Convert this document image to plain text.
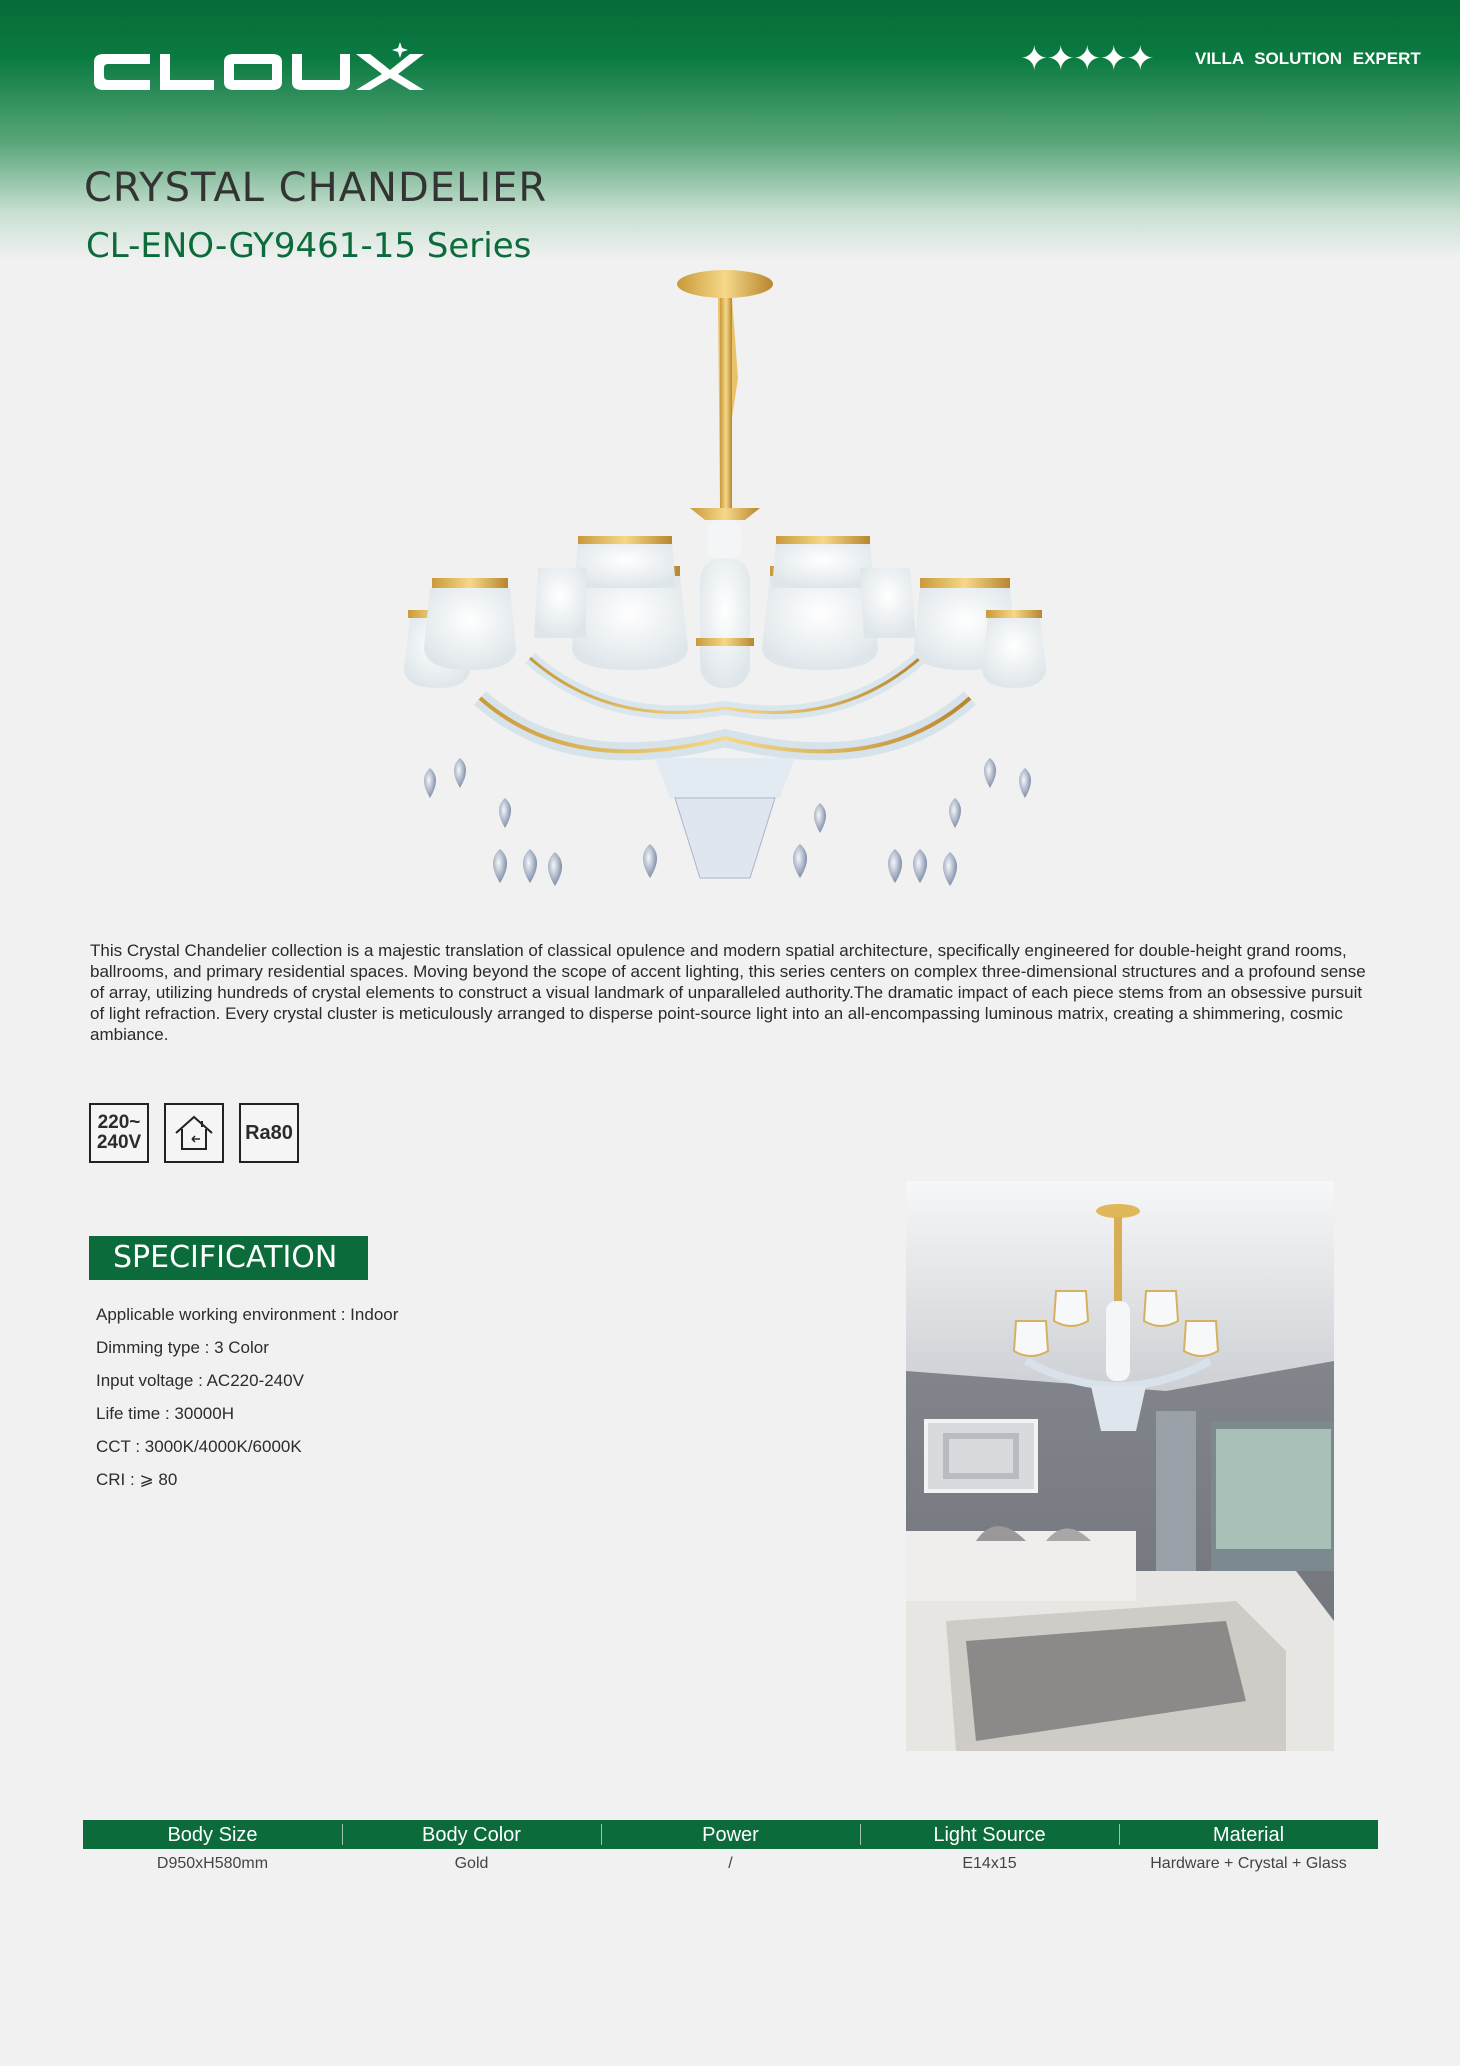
✦✦✦✦✦	VILLA SOLUTION EXPERT
CRYSTAL CHANDELIER
CL-ENO-GY9461-15 Series

This Crystal Chandelier collection is a majestic translation of classical opulence and modern spatial architecture, specifically engineered for double-height grand rooms, ballrooms, and primary residential spaces. Moving beyond the scope of accent lighting, this series centers on complex three-dimensional structures and a profound sense of array, utilizing hundreds of crystal elements to construct a visual landmark of unparalleled authority.The dramatic impact of each piece stems from an obsessive pursuit of light refraction. Every crystal cluster is meticulously arranged to disperse point-source light into an all-encompassing luminous matrix, creating a shimmering, cosmic ambiance.

220~
240V	Ra80
SPECIFICATION
Applicable working environment : Indoor
Dimming type : 3 Color
Input voltage : AC220-240V
Life time : 30000H
CCT : 3000K/4000K/6000K
CRI : ⩾ 80
Body Size	Body Color	Power	Light Source	Material
D950xH580mm	Gold	/	E14x15	Hardware + Crystal + Glass
